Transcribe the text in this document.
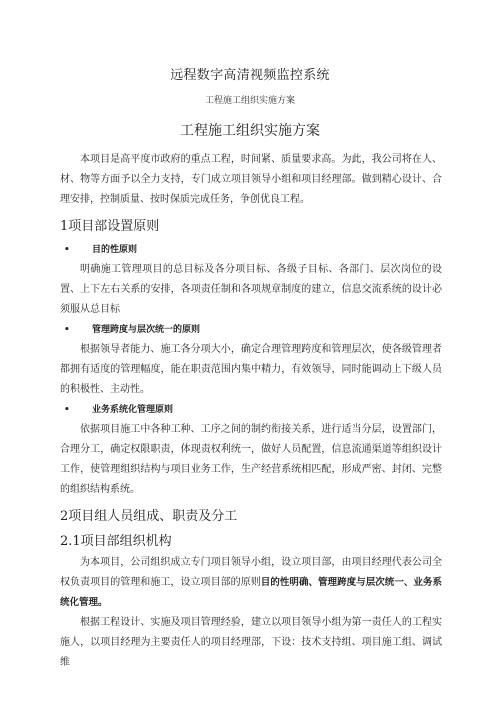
远程数字高清视频监控系统
工程施工组织实施方案
工程施工组织实施方案

本项目是高平度市政府的重点工程，时间紧、质量要求高。为此，我公司将在人、材、物等方面予以全力支持，专门成立项目领导小组和项目经理部。做到精心设计、合理安排，控制质量、按时保质完成任务，争创优良工程。

1项目部设置原则
•	目的性原则

明确施工管理项目的总目标及各分项目标、各级子目标、各部门、层次岗位的设置、上下左右关系的安排，各项责任制和各项规章制度的建立，信息交流系统的设计必须服从总目标

•	管理跨度与层次统一的原则

根据领导者能力、施工各分项大小，确定合理管理跨度和管理层次，使各级管理者都拥有适度的管理幅度，能在职责范围内集中精力，有效领导，同时能调动上下级人员的积极性、主动性。

•	业务系统化管理原则

依据项目施工中各种工种、工序之间的制约衔接关系，进行适当分层，设置部门，合理分工，确定权限职责，体现责权利统一，做好人员配置，信息流通渠道等组织设计工作，使管理组织结构与项目业务工作，生产经营系统相匹配，形成严密、封闭、完整的组织结构系统。

2项目组人员组成、职责及分工
2.1项目部组织机构

为本项目，公司组织成立专门项目领导小组，设立项目部，由项目经理代表公司全权负责项目的管理和施工，设立项目部的原则目的性明确、管理跨度与层次统一、业务系统化管理。

根据工程设计、实施及项目管理经验，建立以项目领导小组为第一责任人的工程实施人，以项目经理为主要责任人的项目经理部，下设：技术支持组、项目施工组、调试维
